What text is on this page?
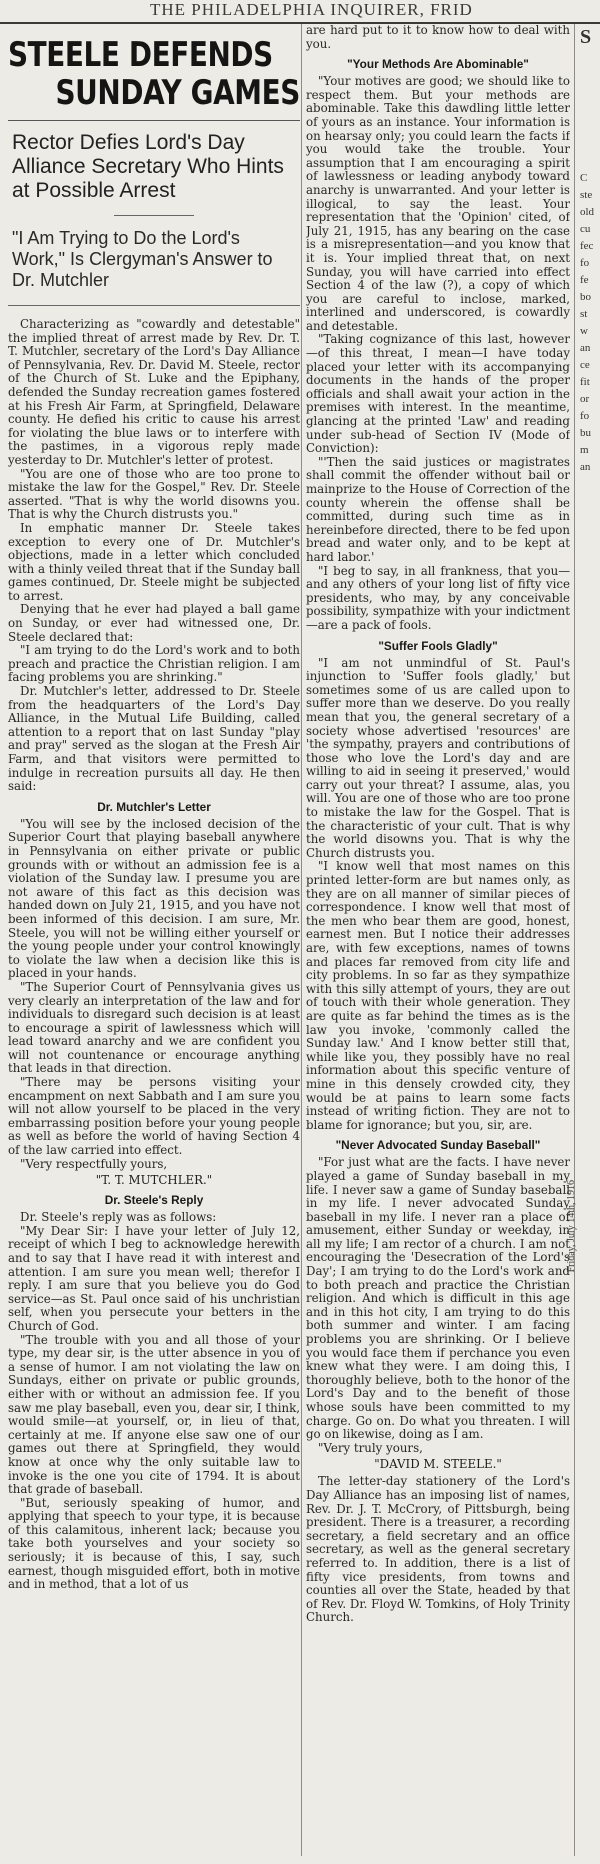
THE PHILADELPHIA INQUIRER, FRID
STEELE DEFENDS
SUNDAY GAMES
Rector Defies Lord's Day Alliance Secretary Who Hints at Possible Arrest
"I Am Trying to Do the Lord's Work," Is Clergyman's Answer to Dr. Mutchler

Characterizing as "cowardly and detestable" the implied threat of arrest made by Rev. Dr. T. T. Mutchler, secretary of the Lord's Day Alliance of Pennsylvania, Rev. Dr. David M. Steele, rector of the Church of St. Luke and the Epiphany, defended the Sunday recreation games fostered at his Fresh Air Farm, at Springfield, Delaware county. He defied his critic to cause his arrest for violating the blue laws or to interfere with the pastimes, in a vigorous reply made yesterday to Dr. Mutchler's letter of protest.

"You are one of those who are too prone to mistake the law for the Gospel," Rev. Dr. Steele asserted. "That is why the world disowns you. That is why the Church distrusts you."

In emphatic manner Dr. Steele takes exception to every one of Dr. Mutchler's objections, made in a letter which concluded with a thinly veiled threat that if the Sunday ball games continued, Dr. Steele might be subjected to arrest.

Denying that he ever had played a ball game on Sunday, or ever had witnessed one, Dr. Steele declared that:

"I am trying to do the Lord's work and to both preach and practice the Christian religion. I am facing problems you are shrinking."

Dr. Mutchler's letter, addressed to Dr. Steele from the headquarters of the Lord's Day Alliance, in the Mutual Life Building, called attention to a report that on last Sunday "play and pray" served as the slogan at the Fresh Air Farm, and that visitors were permitted to indulge in recreation pursuits all day. He then said:

Dr. Mutchler's Letter

"You will see by the inclosed decision of the Superior Court that playing baseball anywhere in Pennsylvania on either private or public grounds with or without an admission fee is a violation of the Sunday law. I presume you are not aware of this fact as this decision was handed down on July 21, 1915, and you have not been informed of this decision. I am sure, Mr. Steele, you will not be willing either yourself or the young people under your control knowingly to violate the law when a decision like this is placed in your hands.

"The Superior Court of Pennsylvania gives us very clearly an interpretation of the law and for individuals to disregard such decision is at least to encourage a spirit of lawlessness which will lead toward anarchy and we are confident you will not countenance or encourage anything that leads in that direction.

"There may be persons visiting your encampment on next Sabbath and I am sure you will not allow yourself to be placed in the very embarrassing position before your young people as well as before the world of having Section 4 of the law carried into effect.

"Very respectfully yours,

"T. T. MUTCHLER."
Dr. Steele's Reply

Dr. Steele's reply was as follows:

"My Dear Sir: I have your letter of July 12, receipt of which I beg to acknowledge herewith and to say that I have read it with interest and attention. I am sure you mean well; therefor I reply. I am sure that you believe you do God service—as St. Paul once said of his unchristian self, when you persecute your betters in the Church of God.

"The trouble with you and all those of your type, my dear sir, is the utter absence in you of a sense of humor. I am not violating the law on Sundays, either on private or public grounds, either with or without an admission fee. If you saw me play baseball, even you, dear sir, I think, would smile—at yourself, or, in lieu of that, certainly at me. If anyone else saw one of our games out there at Springfield, they would know at once why the only suitable law to invoke is the one you cite of 1794. It is about that grade of baseball.

"But, seriously speaking of humor, and applying that speech to your type, it is because of this calamitous, inherent lack; because you take both yourselves and your society so seriously; it is because of this, I say, such earnest, though misguided effort, both in motive and in method, that a lot of us

are hard put to it to know how to deal with you.

"Your Methods Are Abominable"

"Your motives are good; we should like to respect them. But your methods are abominable. Take this dawdling little letter of yours as an instance. Your information is on hearsay only; you could learn the facts if you would take the trouble. Your assumption that I am encouraging a spirit of lawlessness or leading anybody toward anarchy is unwarranted. And your letter is illogical, to say the least. Your representation that the 'Opinion' cited, of July 21, 1915, has any bearing on the case is a misrepresentation—and you know that it is. Your implied threat that, on next Sunday, you will have carried into effect Section 4 of the law (?), a copy of which you are careful to inclose, marked, interlined and underscored, is cowardly and detestable.

"Taking cognizance of this last, however—of this threat, I mean—I have today placed your letter with its accompanying documents in the hands of the proper officials and shall await your action in the premises with interest. In the meantime, glancing at the printed 'Law' and reading under sub-head of Section IV (Mode of Conviction):

"'Then the said justices or magistrates shall commit the offender without bail or mainprize to the House of Correction of the county wherein the offense shall be committed, during such time as in hereinbefore directed, there to be fed upon bread and water only, and to be kept at hard labor.'

"I beg to say, in all frankness, that you—and any others of your long list of fifty vice presidents, who may, by any conceivable possibility, sympathize with your indictment—are a pack of fools.

"Suffer Fools Gladly"

"I am not unmindful of St. Paul's injunction to 'Suffer fools gladly,' but sometimes some of us are called upon to suffer more than we deserve. Do you really mean that you, the general secretary of a society whose advertised 'resources' are 'the sympathy, prayers and contributions of those who love the Lord's day and are willing to aid in seeing it preserved,' would carry out your threat? I assume, alas, you will. You are one of those who are too prone to mistake the law for the Gospel. That is the characteristic of your cult. That is why the world disowns you. That is why the Church distrusts you.

"I know well that most names on this printed letter-form are but names only, as they are on all manner of similar pieces of correspondence. I know well that most of the men who bear them are good, honest, earnest men. But I notice their addresses are, with few exceptions, names of towns and places far removed from city life and city problems. In so far as they sympathize with this silly attempt of yours, they are out of touch with their whole generation. They are quite as far behind the times as is the law you invoke, 'commonly called the Sunday law.' And I know better still that, while like you, they possibly have no real information about this specific venture of mine in this densely crowded city, they would be at pains to learn some facts instead of writing fiction. They are not to blame for ignorance; but you, sir, are.

"Never Advocated Sunday Baseball"

"For just what are the facts. I have never played a game of Sunday baseball in my life. I never saw a game of Sunday baseball in my life. I never advocated Sunday baseball in my life. I never ran a place of amusement, either Sunday or weekday, in all my life; I am rector of a church. I am not encouraging the 'Desecration of the Lord's Day'; I am trying to do the Lord's work and to both preach and practice the Christian religion. And which is difficult in this age and in this hot city, I am trying to do this both summer and winter. I am facing problems you are shrinking. Or I believe you would face them if perchance you even knew what they were. I am doing this, I thoroughly believe, both to the honor of the Lord's Day and to the benefit of those whose souls have been committed to my charge. Go on. Do what you threaten. I will go on likewise, doing as I am.

"Very truly yours,

"DAVID M. STEELE."

The letter-day stationery of the Lord's Day Alliance has an imposing list of names, Rev. Dr. J. T. McCrory, of Pittsburgh, being president. There is a treasurer, a recording secretary, a field secretary and an office secretary, as well as the general secretary referred to. In addition, there is a list of fifty vice presidents, from towns and counties all over the State, headed by that of Rev. Dr. Floyd W. Tomkins, of Holy Trinity Church.

Friday, July 14th, 1916
S
C
ste
old
cu
fec
fo
fe
bo
st
w
an
ce
fit
or
fo
bu
m
an
